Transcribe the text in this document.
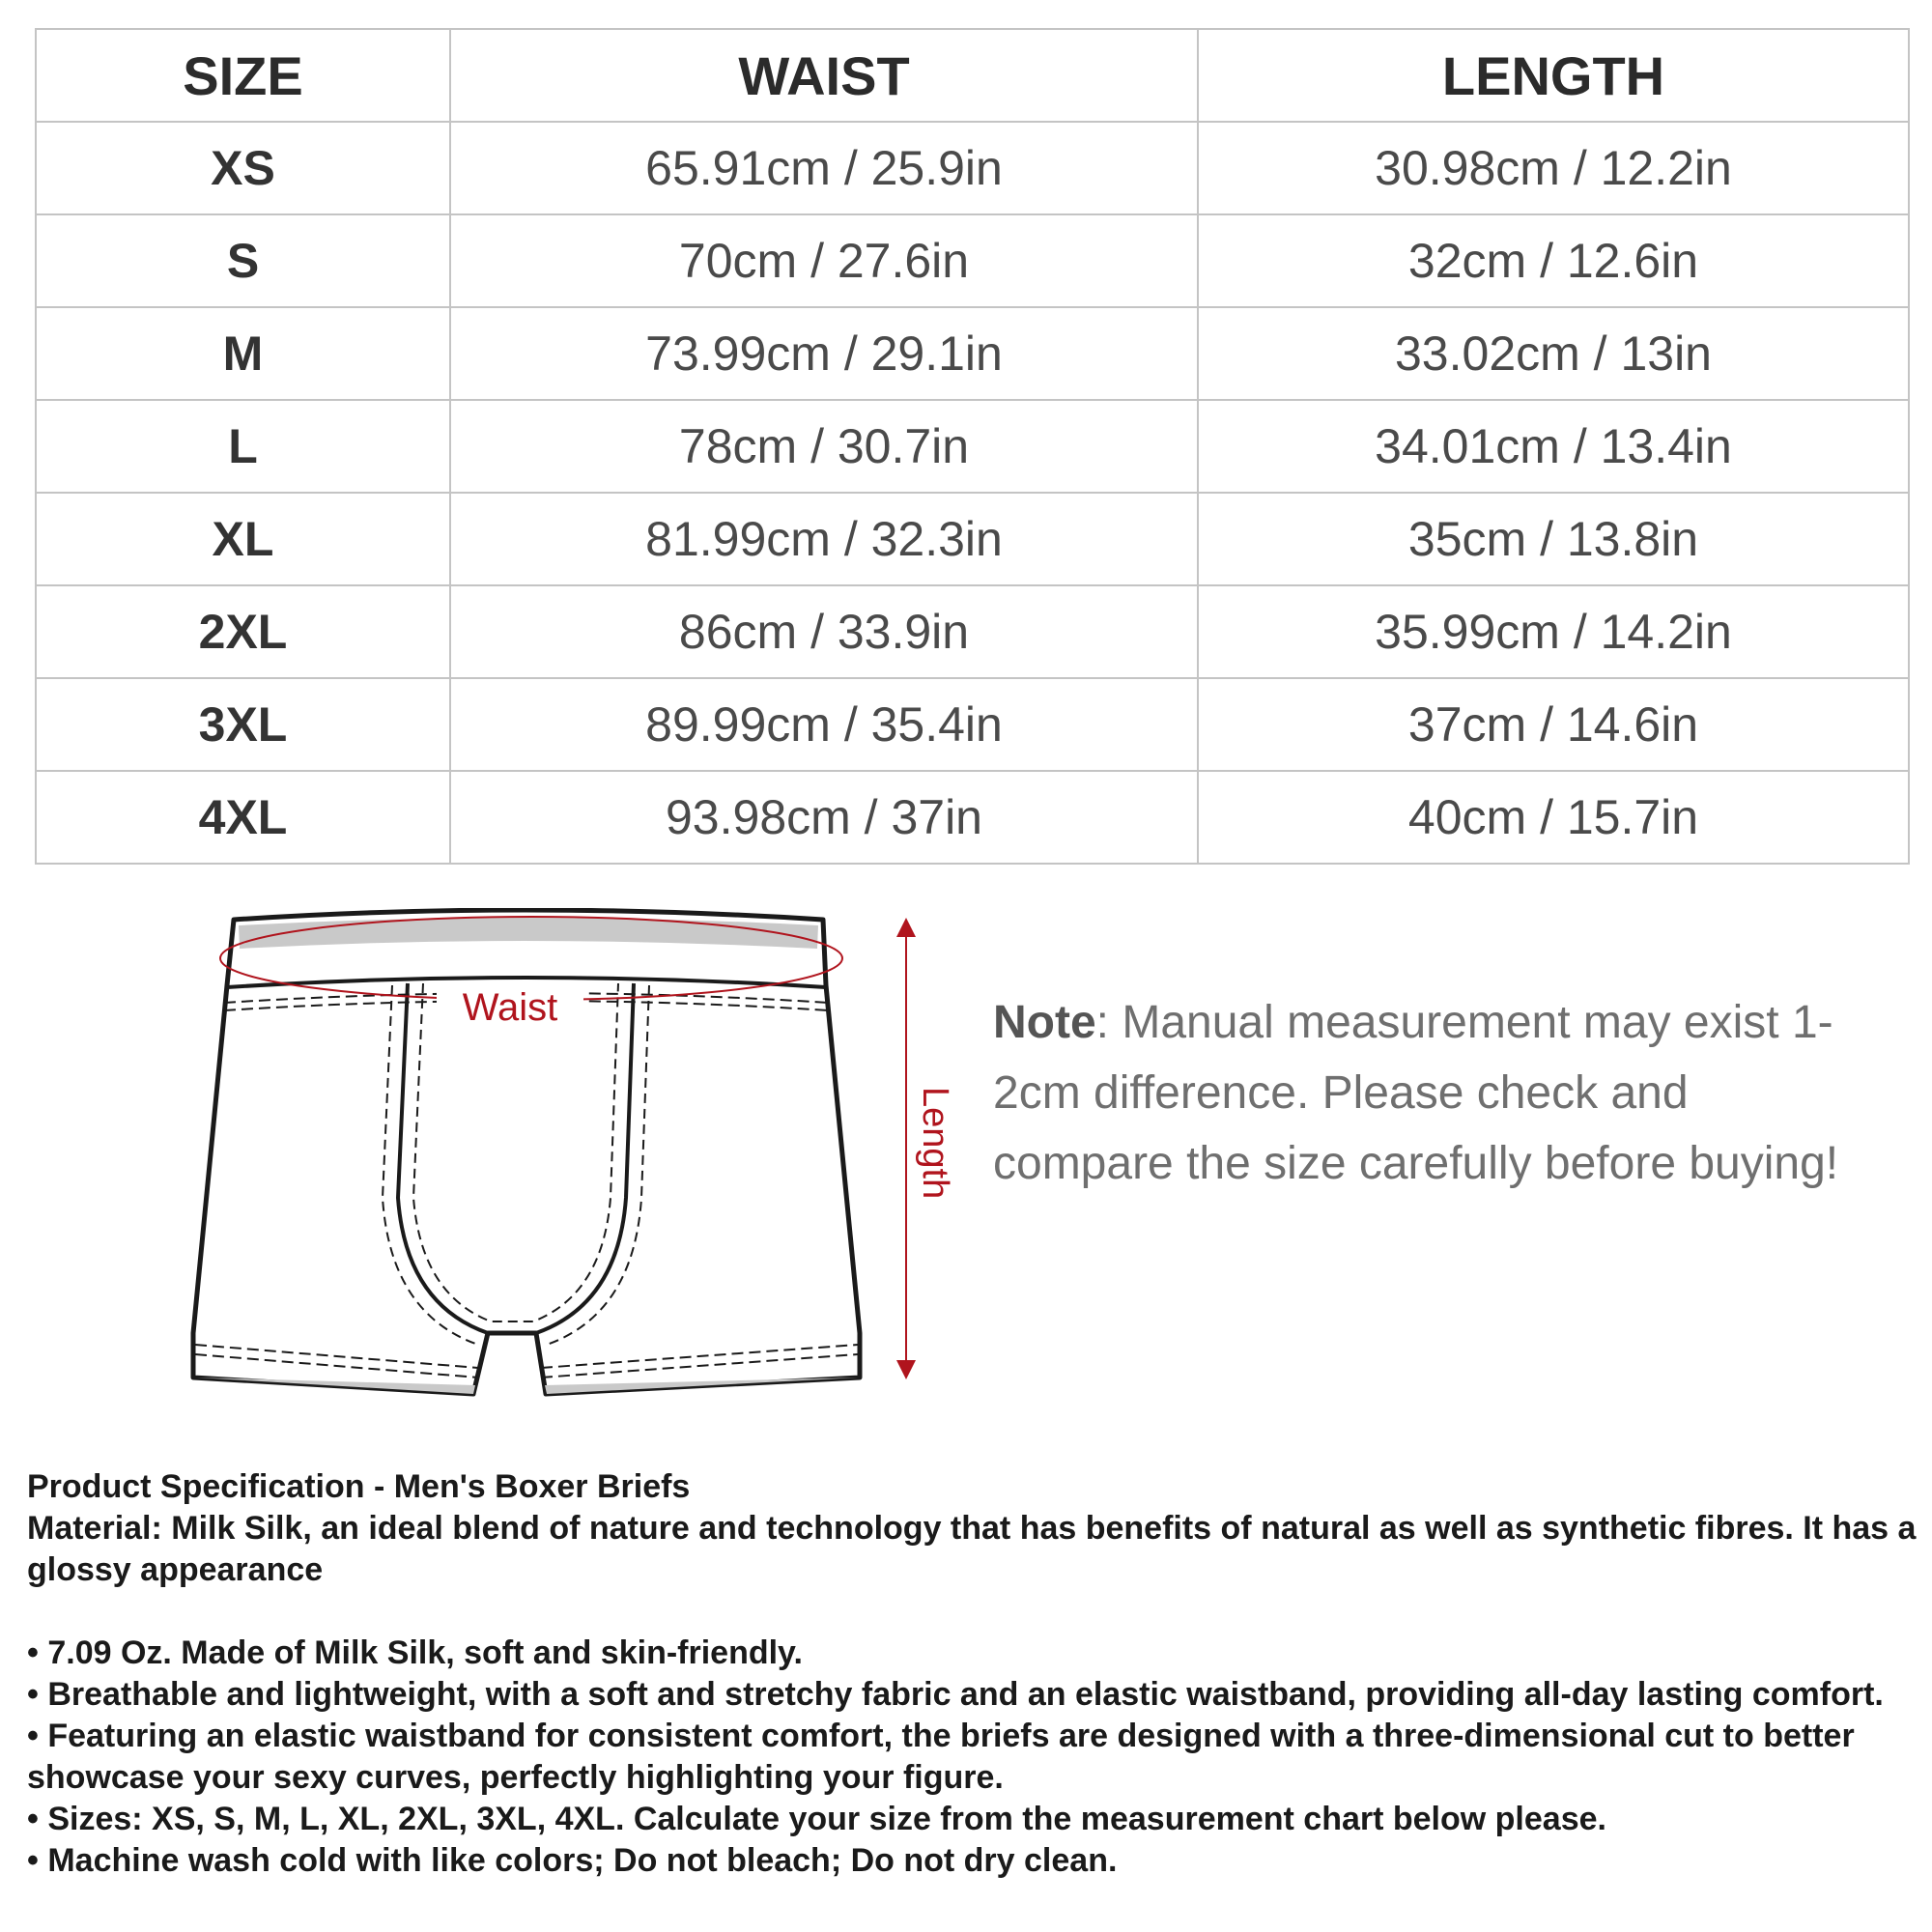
SIZE	WAIST	LENGTH
XS	65.91cm / 25.9in	30.98cm / 12.2in
S	70cm / 27.6in	32cm / 12.6in
M	73.99cm / 29.1in	33.02cm / 13in
L	78cm / 30.7in	34.01cm / 13.4in
XL	81.99cm / 32.3in	35cm / 13.8in
2XL	86cm / 33.9in	35.99cm / 14.2in
3XL	89.99cm / 35.4in	37cm / 14.6in
4XL	93.98cm / 37in	40cm / 15.7in
Waist
Length
Note: Manual measurement may exist 1-2cm difference. Please check and compare the size carefully before buying!

Product Specification - Men's Boxer Briefs

Material: Milk Silk, an ideal blend of nature and technology that has benefits of natural as well as synthetic fibres. It has a glossy appearance

• 7.09 Oz. Made of Milk Silk, soft and skin-friendly.

• Breathable and lightweight, with a soft and stretchy fabric and an elastic waistband, providing all-day lasting comfort.

• Featuring an elastic waistband for consistent comfort, the briefs are designed with a three-dimensional cut to better showcase your sexy curves, perfectly highlighting your figure.

• Sizes: XS, S, M, L, XL, 2XL, 3XL, 4XL. Calculate your size from the measurement chart below please.

• Machine wash cold with like colors; Do not bleach; Do not dry clean.
